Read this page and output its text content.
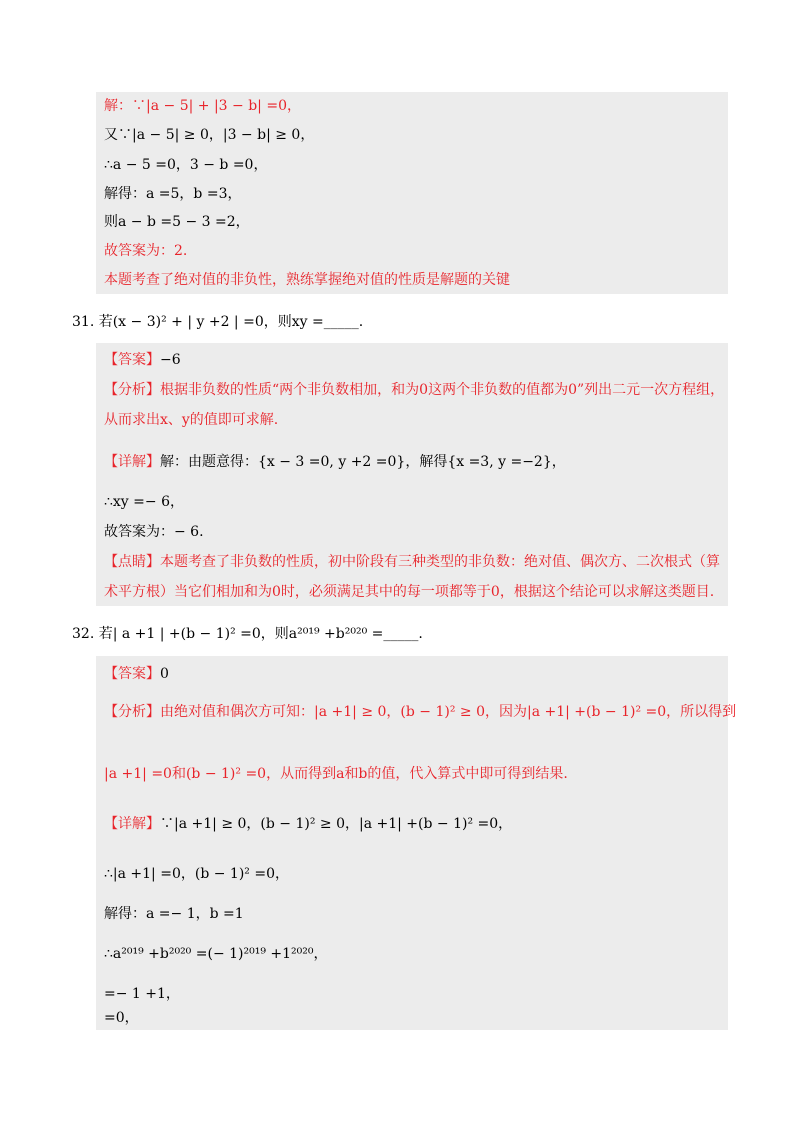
解：∵|a − 5| + |3 − b| =0，
又∵|a − 5| ≥ 0，|3 − b| ≥ 0，
∴a − 5 =0，3 − b =0，
解得：a =5，b =3，
则a − b =5 − 3 =2，
故答案为：2.
本题考查了绝对值的非负性，熟练掌握绝对值的性质是解题的关键
31. 若(x − 3)² + | y +2 | =0，则xy =_____.
【答案】−6
【分析】根据非负数的性质“两个非负数相加，和为0这两个非负数的值都为0”列出二元一次方程组，
从而求出x、y的值即可求解.
【详解】解：由题意得：{x − 3 =0, y +2 =0}，解得{x =3, y =−2}，
∴xy =− 6，
故答案为：− 6.
【点睛】本题考查了非负数的性质，初中阶段有三种类型的非负数：绝对值、偶次方、二次根式（算
术平方根）当它们相加和为0时，必须满足其中的每一项都等于0，根据这个结论可以求解这类题目.
32. 若| a +1 | +(b − 1)² =0，则a²⁰¹⁹ +b²⁰²⁰ =_____.
【答案】0
【分析】由绝对值和偶次方可知：|a +1| ≥ 0，(b − 1)² ≥ 0，因为|a +1| +(b − 1)² =0，所以得到
|a +1| =0和(b − 1)² =0，从而得到a和b的值，代入算式中即可得到结果.
【详解】∵|a +1| ≥ 0，(b − 1)² ≥ 0，|a +1| +(b − 1)² =0，
∴|a +1| =0，(b − 1)² =0，
解得：a =− 1，b =1
∴a²⁰¹⁹ +b²⁰²⁰ =(− 1)²⁰¹⁹ +1²⁰²⁰，
=− 1 +1，
=0，
